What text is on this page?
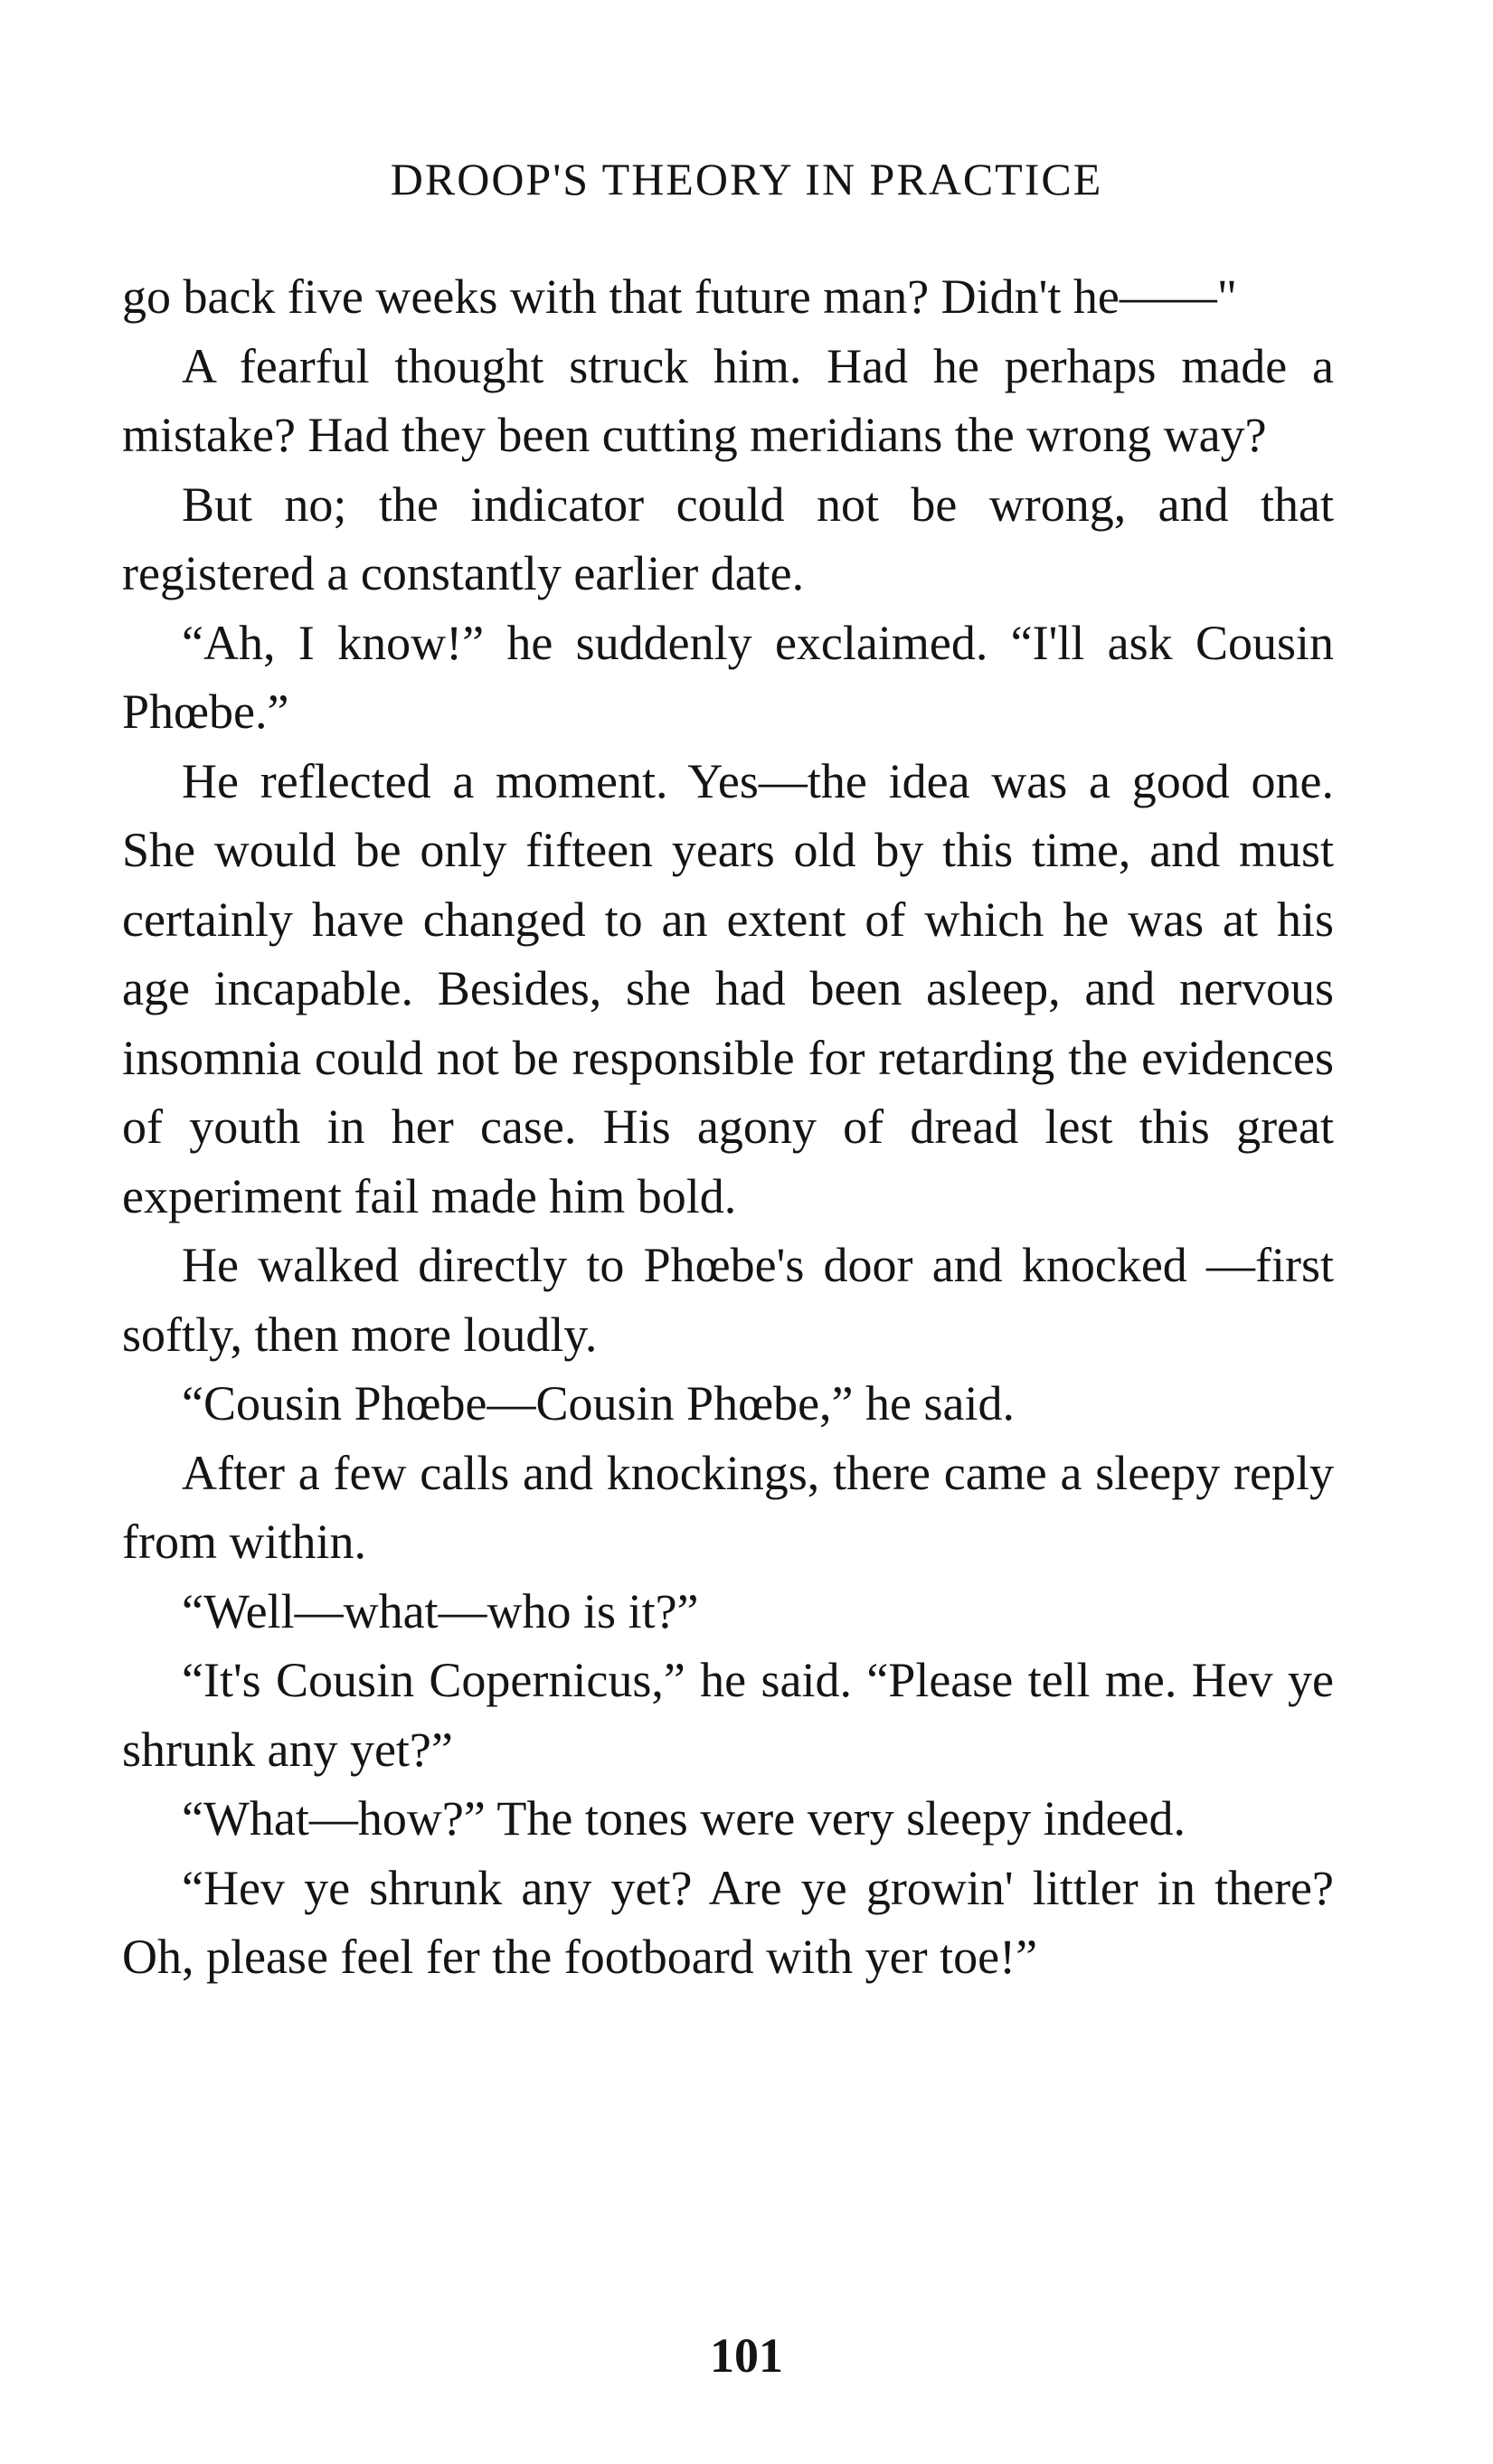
DROOP'S THEORY IN PRACTICE

go back five weeks with that future man? Didn't he——"

A fearful thought struck him. Had he perhaps made a mistake? Had they been cutting meridians the wrong way?

But no; the indicator could not be wrong, and that registered a constantly earlier date.

“Ah, I know!” he suddenly exclaimed. “I'll ask Cousin Phœbe.”

He reflected a moment. Yes—the idea was a good one. She would be only fifteen years old by this time, and must certainly have changed to an extent of which he was at his age incapable. Besides, she had been asleep, and nervous insomnia could not be responsible for retarding the evidences of youth in her case. His agony of dread lest this great experiment fail made him bold.

He walked directly to Phœbe's door and knocked —first softly, then more loudly.

“Cousin Phœbe—Cousin Phœbe,” he said.

After a few calls and knockings, there came a sleepy reply from within.

“Well—what—who is it?”

“It's Cousin Copernicus,” he said. “Please tell me. Hev ye shrunk any yet?”

“What—how?” The tones were very sleepy indeed.

“Hev ye shrunk any yet? Are ye growin' littler in there? Oh, please feel fer the footboard with yer toe!”

101
